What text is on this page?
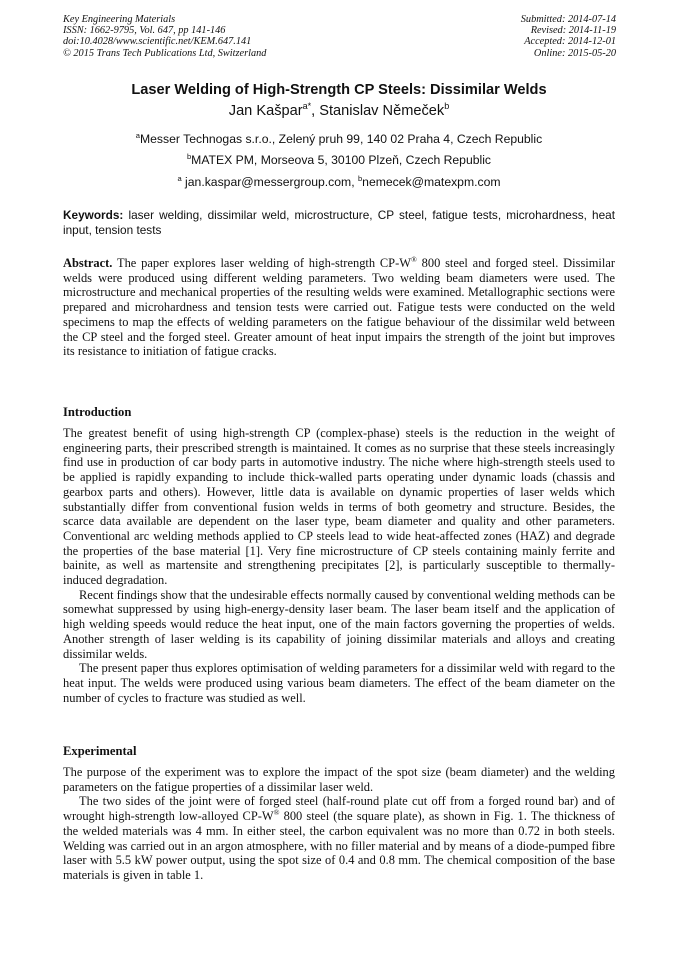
Key Engineering Materials
ISSN: 1662-9795, Vol. 647, pp 141-146
doi:10.4028/www.scientific.net/KEM.647.141
© 2015 Trans Tech Publications Ltd, Switzerland
Submitted: 2014-07-14
Revised: 2014-11-19
Accepted: 2014-12-01
Online: 2015-05-20
Laser Welding of High-Strength CP Steels: Dissimilar Welds
Jan Kašpar$^{a*}$, Stanislav Němeček$^b$
$^a$Messer Technogas s.r.o., Zelený pruh 99, 140 02 Praha 4, Czech Republic
$^b$MATEX PM, Morseova 5, 30100 Plzeň, Czech Republic
$^a$ jan.kaspar@messergroup.com, $^b$nemecek@matexpm.com
Keywords: laser welding, dissimilar weld, microstructure, CP steel, fatigue tests, microhardness, heat input, tension tests
Abstract. The paper explores laser welding of high-strength CP-W® 800 steel and forged steel. Dissimilar welds were produced using different welding parameters. Two welding beam diameters were used. The microstructure and mechanical properties of the resulting welds were examined. Metallographic sections were prepared and microhardness and tension tests were carried out. Fatigue tests were conducted on the weld specimens to map the effects of welding parameters on the fatigue behaviour of the dissimilar weld between the CP steel and the forged steel. Greater amount of heat input impairs the strength of the joint but improves its resistance to initiation of fatigue cracks.
Introduction

The greatest benefit of using high-strength CP (complex-phase) steels is the reduction in the weight of engineering parts, their prescribed strength is maintained. It comes as no surprise that these steels increasingly find use in production of car body parts in automotive industry. The niche where high-strength steels used to be applied is rapidly expanding to include thick-walled parts operating under dynamic loads (chassis and gearbox parts and others). However, little data is available on dynamic properties of laser welds which substantially differ from conventional fusion welds in terms of both geometry and structure. Besides, the scarce data available are dependent on the laser type, beam diameter and quality and other parameters. Conventional arc welding methods applied to CP steels lead to wide heat-affected zones (HAZ) and degrade the properties of the base material [1]. Very fine microstructure of CP steels containing mainly ferrite and bainite, as well as martensite and strengthening precipitates [2], is particularly susceptible to thermally-induced degradation.

Recent findings show that the undesirable effects normally caused by conventional welding methods can be somewhat suppressed by using high-energy-density laser beam. The laser beam itself and the application of high welding speeds would reduce the heat input, one of the main factors governing the properties of welds. Another strength of laser welding is its capability of joining dissimilar materials and alloys and creating dissimilar welds.

The present paper thus explores optimisation of welding parameters for a dissimilar weld with regard to the heat input. The welds were produced using various beam diameters. The effect of the beam diameter on the number of cycles to fracture was studied as well.

Experimental

The purpose of the experiment was to explore the impact of the spot size (beam diameter) and the welding parameters on the fatigue properties of a dissimilar laser weld.

The two sides of the joint were of forged steel (half-round plate cut off from a forged round bar) and of wrought high-strength low-alloyed CP-W® 800 steel (the square plate), as shown in Fig. 1. The thickness of the welded materials was 4 mm. In either steel, the carbon equivalent was no more than 0.72 in both steels. Welding was carried out in an argon atmosphere, with no filler material and by means of a diode-pumped fibre laser with 5.5 kW power output, using the spot size of 0.4 and 0.8 mm. The chemical composition of the base materials is given in table 1.
